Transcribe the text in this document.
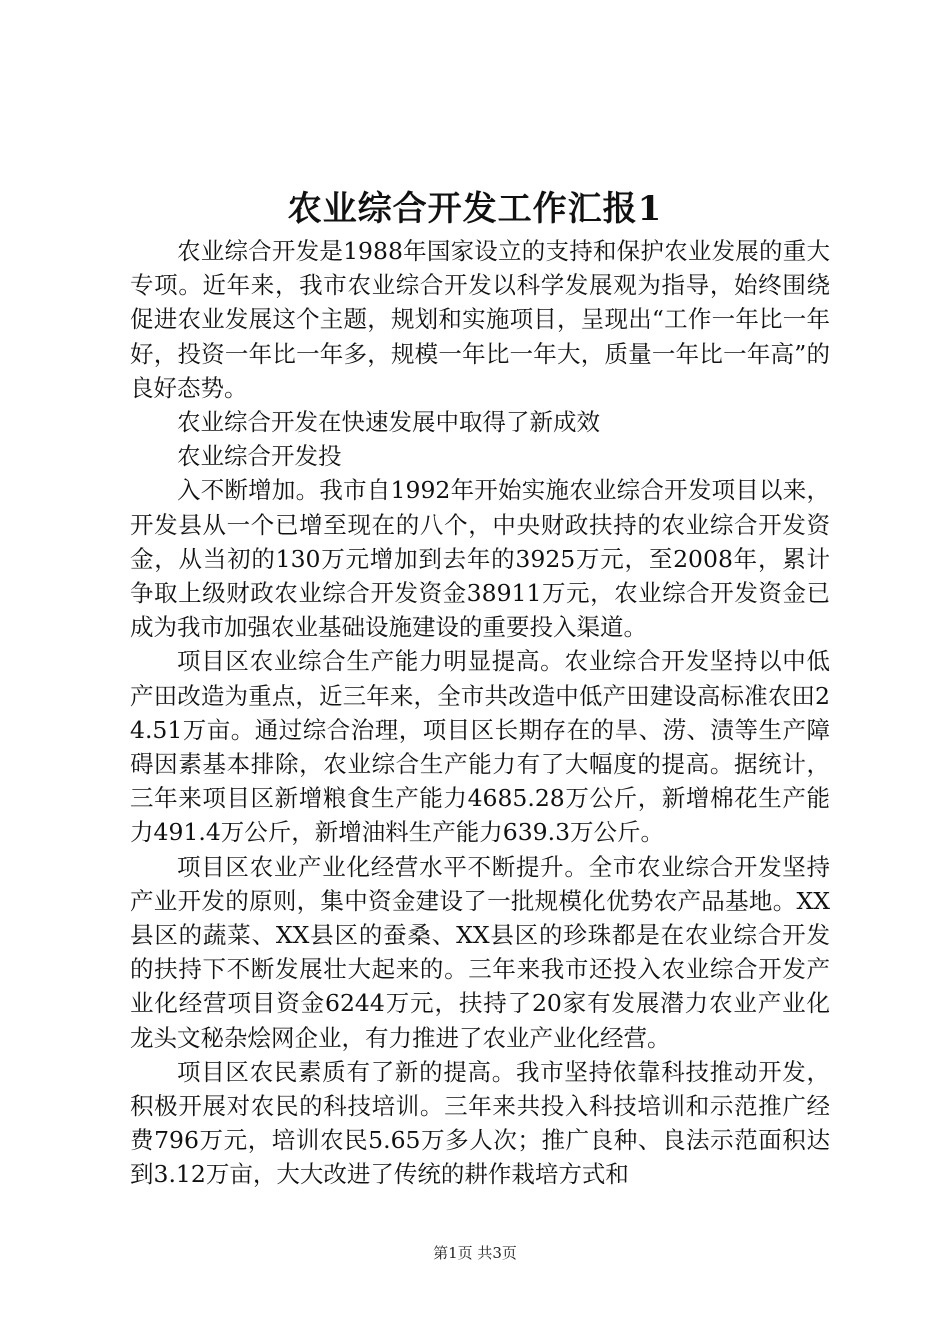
农业综合开发工作汇报1

农业综合开发是1988年国家设立的支持和保护农业发展的重大专项。近年来，我市农业综合开发以科学发展观为指导，始终围绕促进农业发展这个主题，规划和实施项目，呈现出“工作一年比一年好，投资一年比一年多，规模一年比一年大，质量一年比一年高”的良好态势。

农业综合开发在快速发展中取得了新成效

农业综合开发投

入不断增加。我市自1992年开始实施农业综合开发项目以来，开发县从一个已增至现在的八个，中央财政扶持的农业综合开发资金，从当初的130万元增加到去年的3925万元，至2008年，累计争取上级财政农业综合开发资金38911万元，农业综合开发资金已成为我市加强农业基础设施建设的重要投入渠道。

项目区农业综合生产能力明显提高。农业综合开发坚持以中低产田改造为重点，近三年来，全市共改造中低产田建设高标准农田24.51万亩。通过综合治理，项目区长期存在的旱、涝、渍等生产障碍因素基本排除，农业综合生产能力有了大幅度的提高。据统计，三年来项目区新增粮食生产能力4685.28万公斤，新增棉花生产能力491.4万公斤，新增油料生产能力639.3万公斤。

项目区农业产业化经营水平不断提升。全市农业综合开发坚持产业开发的原则，集中资金建设了一批规模化优势农产品基地。XX县区的蔬菜、XX县区的蚕桑、XX县区的珍珠都是在农业综合开发的扶持下不断发展壮大起来的。三年来我市还投入农业综合开发产业化经营项目资金6244万元，扶持了20家有发展潜力农业产业化龙头文秘杂烩网企业，有力推进了农业产业化经营。

项目区农民素质有了新的提高。我市坚持依靠科技推动开发，积极开展对农民的科技培训。三年来共投入科技培训和示范推广经费796万元，培训农民5.65万多人次；推广良种、良法示范面积达到3.12万亩，大大改进了传统的耕作栽培方式和

第1页 共3页
